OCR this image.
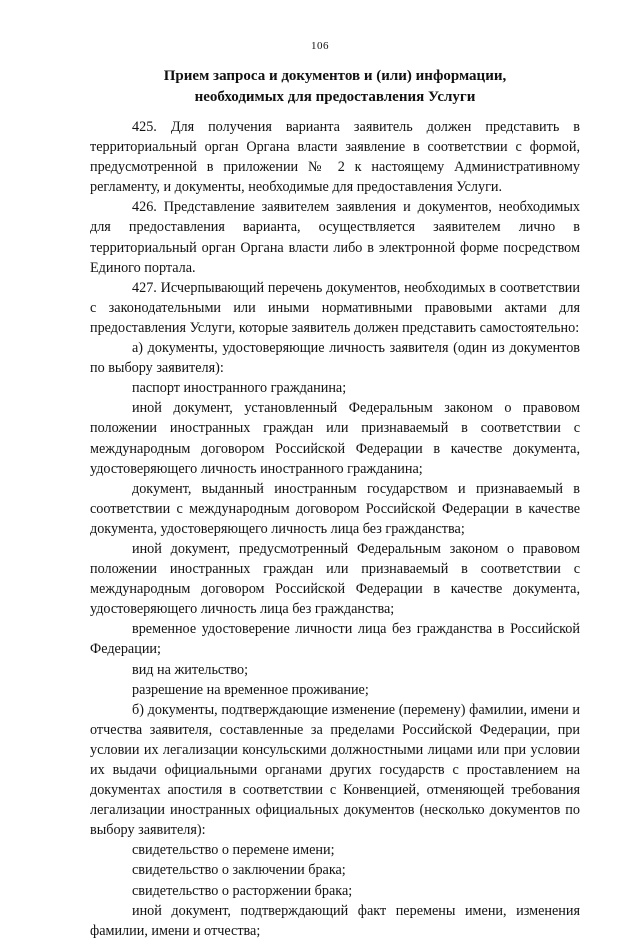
106
Прием запроса и документов и (или) информации,
необходимых для предоставления Услуги

425. Для получения варианта заявитель должен представить в территориальный орган Органа власти заявление в соответствии с формой, предусмотренной в приложении № 2 к настоящему Административному регламенту, и документы, необходимые для предоставления Услуги.

426. Представление заявителем заявления и документов, необходимых для предоставления варианта, осуществляется заявителем лично в территориальный орган Органа власти либо в электронной форме посредством Единого портала.

427. Исчерпывающий перечень документов, необходимых в соответствии с законодательными или иными нормативными правовыми актами для предоставления Услуги, которые заявитель должен представить самостоятельно:

а) документы, удостоверяющие личность заявителя (один из документов по выбору заявителя):

паспорт иностранного гражданина;

иной документ, установленный Федеральным законом о правовом положении иностранных граждан или признаваемый в соответствии с международным договором Российской Федерации в качестве документа, удостоверяющего личность иностранного гражданина;

документ, выданный иностранным государством и признаваемый в соответствии с международным договором Российской Федерации в качестве документа, удостоверяющего личность лица без гражданства;

иной документ, предусмотренный Федеральным законом о правовом положении иностранных граждан или признаваемый в соответствии с международным договором Российской Федерации в качестве документа, удостоверяющего личность лица без гражданства;

временное удостоверение личности лица без гражданства в Российской Федерации;

вид на жительство;

разрешение на временное проживание;

б) документы, подтверждающие изменение (перемену) фамилии, имени и отчества заявителя, составленные за пределами Российской Федерации, при условии их легализации консульскими должностными лицами или при условии их выдачи официальными органами других государств с проставлением на документах апостиля в соответствии с Конвенцией, отменяющей требования легализации иностранных официальных документов (несколько документов по выбору заявителя):

свидетельство о перемене имени;

свидетельство о заключении брака;

свидетельство о расторжении брака;

иной документ, подтверждающий факт перемены имени, изменения фамилии, имени и отчества;
